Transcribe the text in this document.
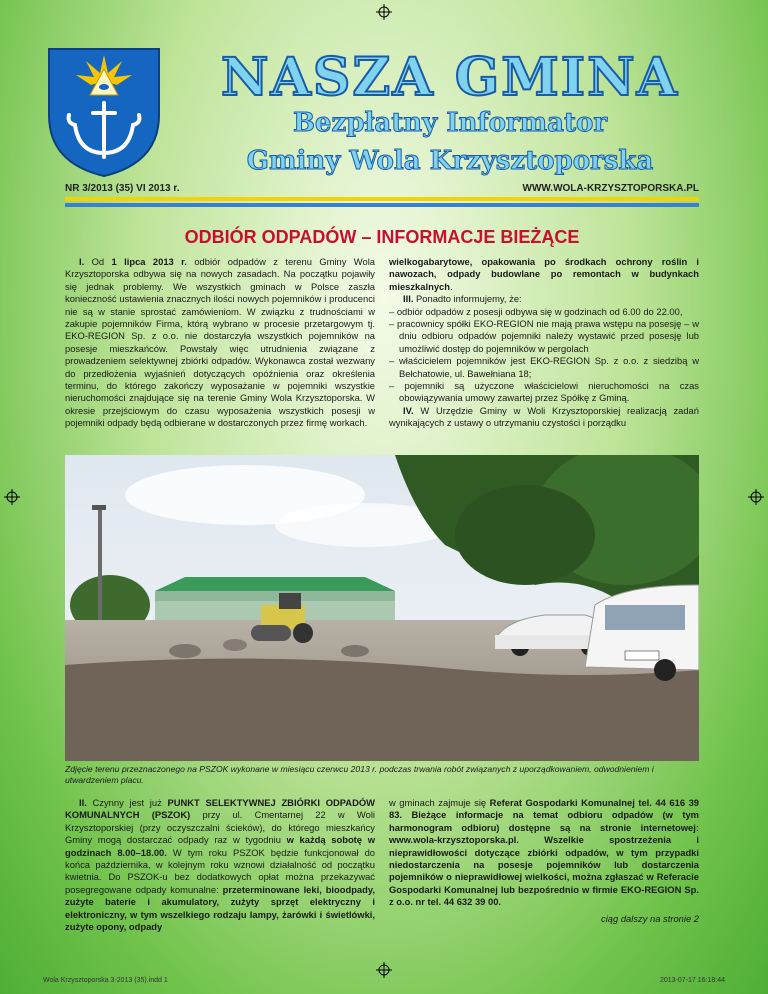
NASZA GMINA
Bezpłatny Informator
Gminy Wola Krzysztoporska
NR 3/2013 (35) VI 2013 r.	WWW.WOLA-KRZYSZTOPORSKA.PL
ODBIÓR ODPADÓW – INFORMACJE BIEŻĄCE

I. Od 1 lipca 2013 r. odbiór odpadów z terenu Gminy Wola Krzysztoporska odbywa się na nowych zasadach. Na początku pojawiły się jednak problemy. We wszystkich gminach w Polsce zaszła konieczność ustawienia znacznych ilości nowych pojemników i producenci nie są w stanie sprostać zamówieniom. W związku z trudnościami w zakupie pojemników Firma, którą wybrano w procesie przetargowym tj. EKO-REGION Sp. z o.o. nie dostarczyła wszystkich pojemników na posesje mieszkańców. Powstały więc utrudnienia związane z prowadzeniem selektywnej zbiórki odpadów. Wykonawca został wezwany do przedłożenia wyjaśnień dotyczących opóźnienia oraz określenia terminu, do którego zakończy wyposażanie w pojemniki wszystkie nieruchomości znajdujące się na terenie Gminy Wola Krzysztoporska. W okresie przejściowym do czasu wyposażenia wszystkich posesji w pojemniki odpady będą odbierane w dostarczonych przez firmę workach.

wielkogabarytowe, opakowania po środkach ochrony roślin i nawozach, odpady budowlane po remontach w budynkach mieszkalnych.

III. Ponadto informujemy, że:

– odbiór odpadów z posesji odbywa się w godzinach od 6.00 do 22.00,

– pracownicy spółki EKO-REGION nie mają prawa wstępu na posesję – w dniu odbioru odpadów pojemniki należy wystawić przed posesję lub umożliwić dostęp do pojemników w pergolach

– właścicielem pojemników jest EKO-REGION Sp. z o.o. z siedzibą w Bełchatowie, ul. Bawełniana 18;

– pojemniki są użyczone właścicielowi nieruchomości na czas obowiązywania umowy zawartej przez Spółkę z Gminą.

IV. W Urzędzie Gminy w Woli Krzysztoporskiej realizacją zadań wynikających z ustawy o utrzymaniu czystości i porządku

Zdjęcie terenu przeznaczonego na PSZOK wykonane w miesiącu czerwcu 2013 r. podczas trwania robót związanych z uporządkowaniem, odwodnieniem i utwardzeniem placu.

II. Czynny jest już PUNKT SELEKTYWNEJ ZBIÓRKI ODPADÓW KOMUNALNYCH (PSZOK) przy ul. Cmentarnej 22 w Woli Krzysztoporskiej (przy oczyszczalni ścieków), do którego mieszkańcy Gminy mogą dostarczać odpady raz w tygodniu w każdą sobotę w godzinach 8.00–18.00. W tym roku PSZOK będzie funkcjonował do końca października, w kolejnym roku wznowi działalność od początku kwietnia. Do PSZOK-u bez dodatkowych opłat można przekazywać posegregowane odpady komunalne: przeterminowane leki, bioodpady, zużyte baterie i akumulatory, zużyty sprzęt elektryczny i elektroniczny, w tym wszelkiego rodzaju lampy, żarówki i świetlówki, zużyte opony, odpady

w gminach zajmuje się Referat Gospodarki Komunalnej tel. 44 616 39 83. Bieżące informacje na temat odbioru odpadów (w tym harmonogram odbioru) dostępne są na stronie internetowej: www.wola-krzysztoporska.pl. Wszelkie spostrzeżenia i nieprawidłowości dotyczące zbiórki odpadów, w tym przypadki niedostarczenia na posesje pojemników lub dostarczenia pojemników o nieprawidłowej wielkości, można zgłaszać w Referacie Gospodarki Komunalnej lub bezpośrednio w firmie EKO-REGION Sp. z o.o. nr tel. 44 632 39 00.

ciąg dalszy na stronie 2
Wola Krzysztoporska 3-2013 (35).indd 1	2013-07-17 16:18:44
